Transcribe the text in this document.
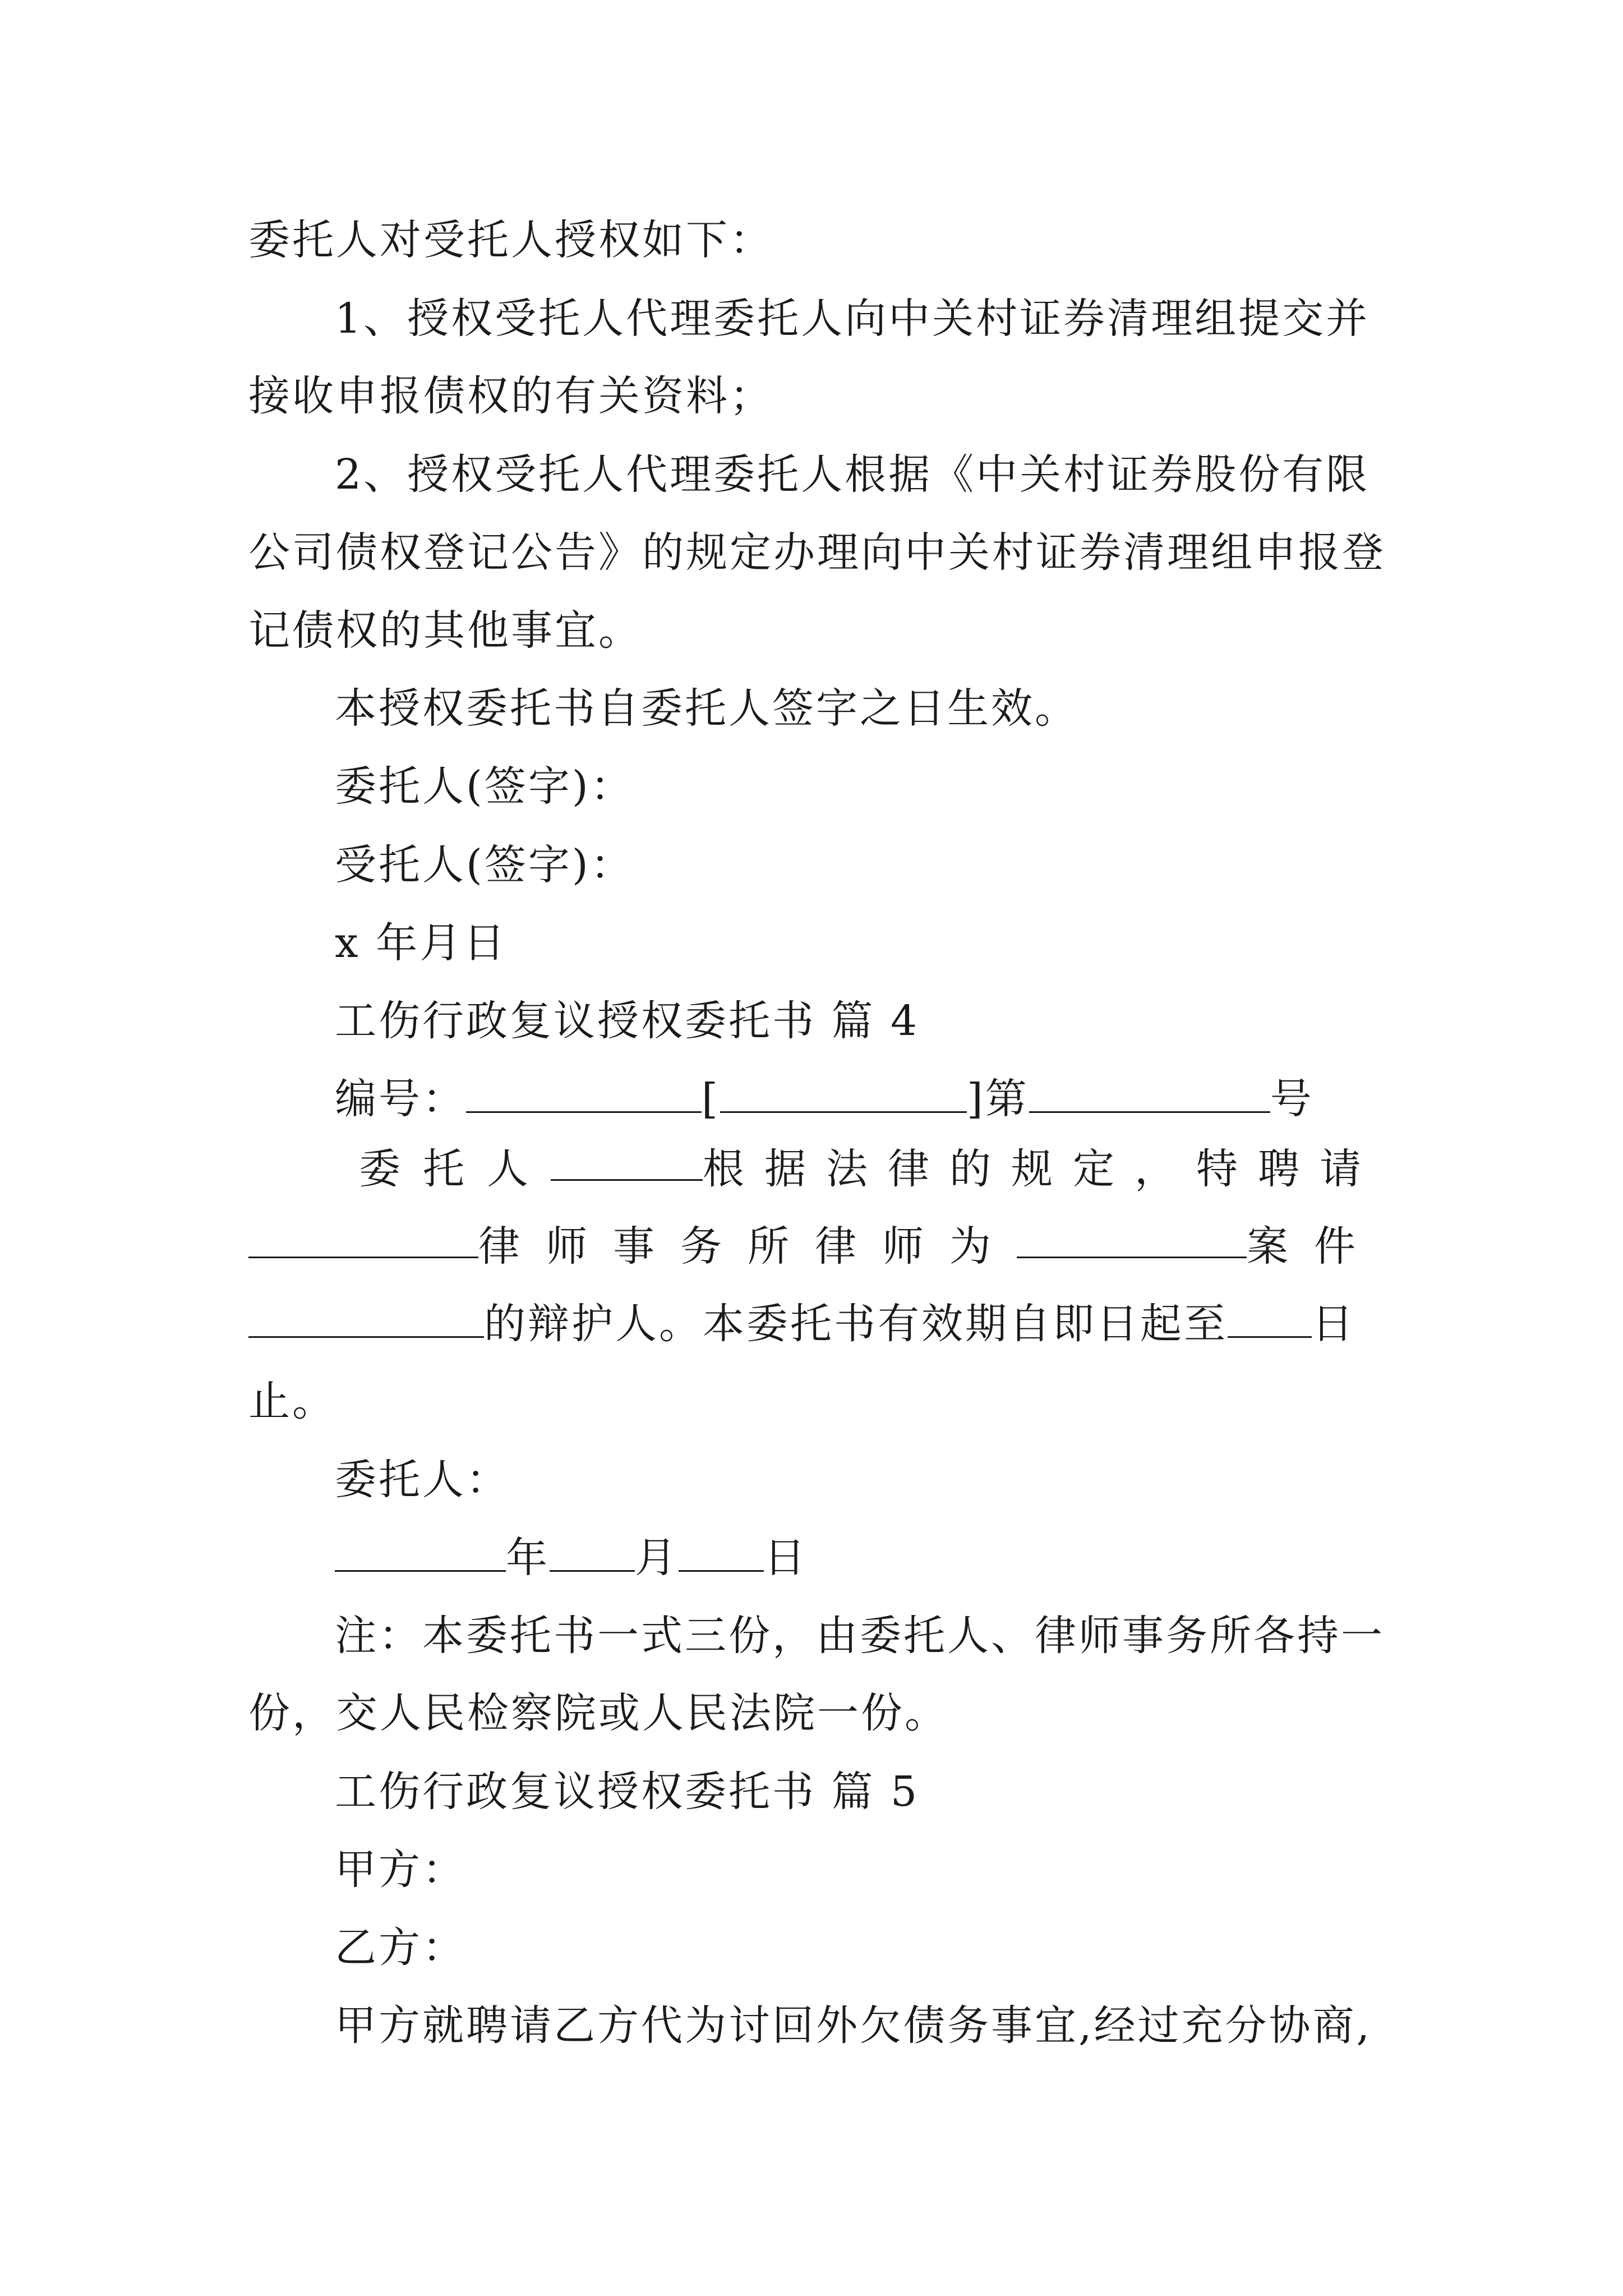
委托人对受托人授权如下：
1、授权受托人代理委托人向中关村证券清理组提交并
接收申报债权的有关资料；
2、授权受托人代理委托人根据《中关村证券股份有限
公司债权登记公告》的规定办理向中关村证券清理组申报登
记债权的其他事宜。
本授权委托书自委托人签字之日生效。
委托人(签字)：
受托人(签字)：
x 年月日
工伤行政复议授权委托书 篇 4
编号：	[	]第	号
委托人	根据法律的规定，特聘请
律师事务所律师为	案件
的辩护人。本委托书有效期自即日起至 日
止。
委托人：
年 月 日
注：本委托书一式三份，由委托人、律师事务所各持一
份，交人民检察院或人民法院一份。
工伤行政复议授权委托书 篇 5
甲方：
乙方：
甲方就聘请乙方代为讨回外欠债务事宜,经过充分协商,
